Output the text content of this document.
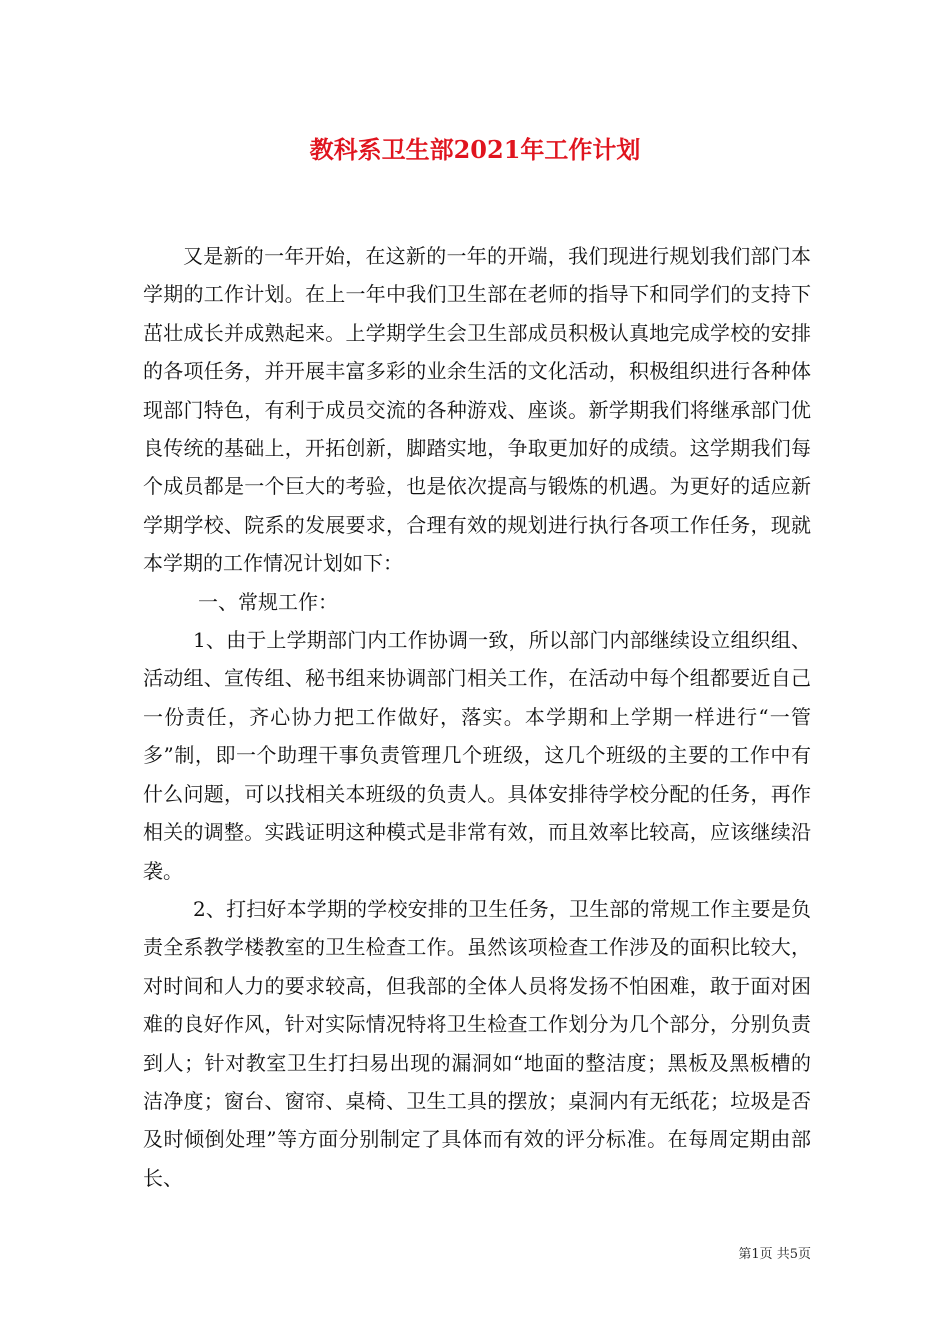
教科系卫生部2021年工作计划

又是新的一年开始，在这新的一年的开端，我们现进行规划我们部门本学期的工作计划。在上一年中我们卫生部在老师的指导下和同学们的支持下茁壮成长并成熟起来。上学期学生会卫生部成员积极认真地完成学校的安排的各项任务，并开展丰富多彩的业余生活的文化活动，积极组织进行各种体现部门特色，有利于成员交流的各种游戏、座谈。新学期我们将继承部门优良传统的基础上，开拓创新，脚踏实地，争取更加好的成绩。这学期我们每个成员都是一个巨大的考验，也是依次提高与锻炼的机遇。为更好的适应新学期学校、院系的发展要求，合理有效的规划进行执行各项工作任务，现就本学期的工作情况计划如下：

一、常规工作：

1、由于上学期部门内工作协调一致，所以部门内部继续设立组织组、活动组、宣传组、秘书组来协调部门相关工作，在活动中每个组都要近自己一份责任，齐心协力把工作做好，落实。本学期和上学期一样进行“一管多”制，即一个助理干事负责管理几个班级，这几个班级的主要的工作中有什么问题，可以找相关本班级的负责人。具体安排待学校分配的任务，再作相关的调整。实践证明这种模式是非常有效，而且效率比较高，应该继续沿袭。

2、打扫好本学期的学校安排的卫生任务，卫生部的常规工作主要是负责全系教学楼教室的卫生检查工作。虽然该项检查工作涉及的面积比较大，对时间和人力的要求较高，但我部的全体人员将发扬不怕困难，敢于面对困难的良好作风，针对实际情况特将卫生检查工作划分为几个部分，分别负责到人；针对教室卫生打扫易出现的漏洞如“地面的整洁度；黑板及黑板槽的洁净度；窗台、窗帘、桌椅、卫生工具的摆放；桌洞内有无纸花；垃圾是否及时倾倒处理”等方面分别制定了具体而有效的评分标准。在每周定期由部长、

第1页 共5页
